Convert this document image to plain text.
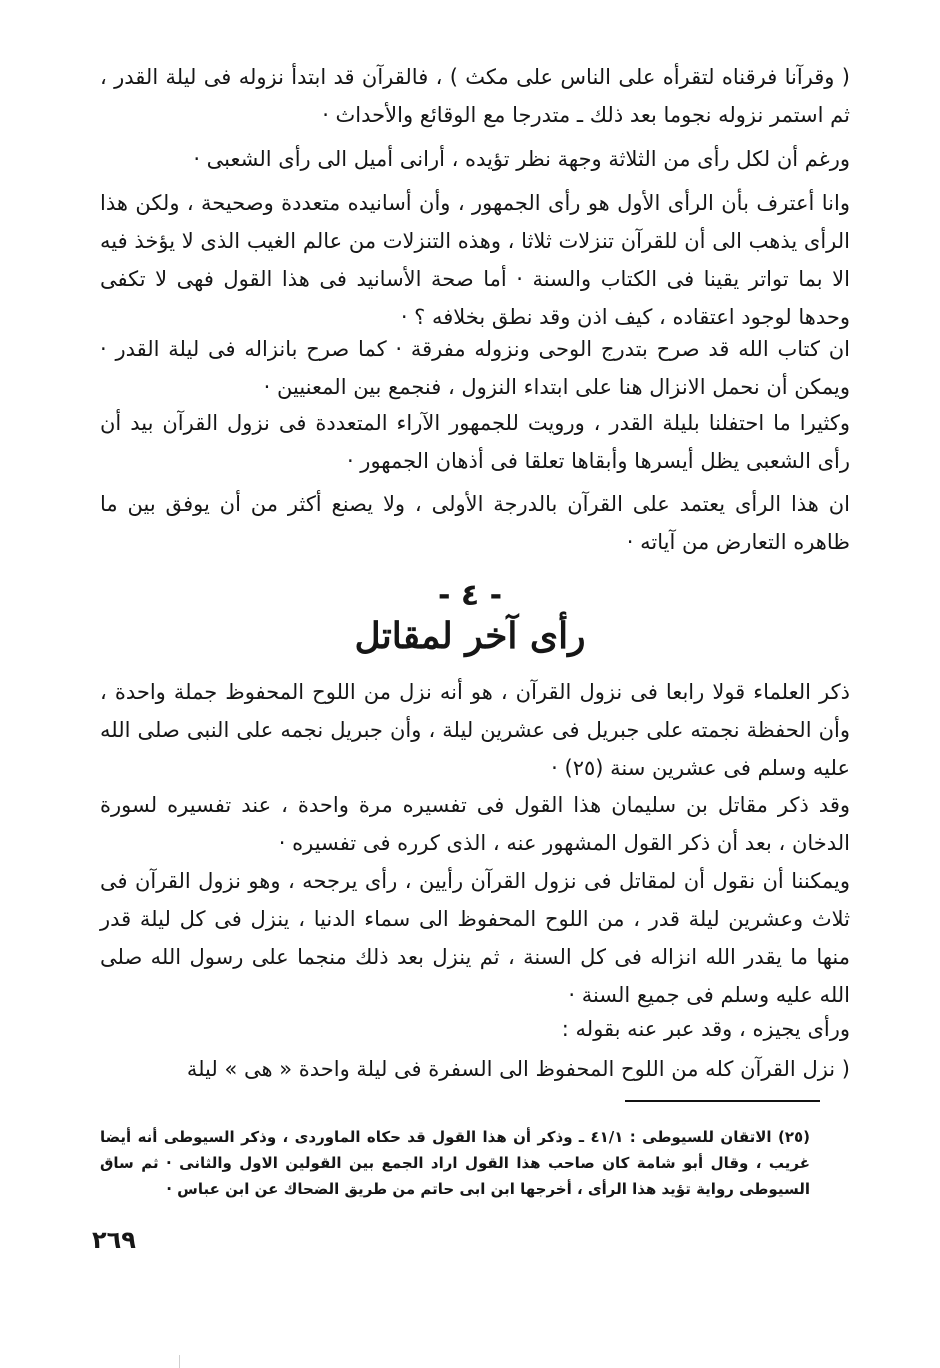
( وقرآنا فرقناه لتقرأه على الناس على مكث ) ، فالقرآن قد ابتدأ نزوله فى ليلة القدر ، ثم استمر نزوله نجوما بعد ذلك ـ متدرجا مع الوقائع والأحداث ·

ورغم أن لكل رأى من الثلاثة وجهة نظر تؤيده ، أرانى أميل الى رأى الشعبى ·

وانا أعترف بأن الرأى الأول هو رأى الجمهور ، وأن أسانيده متعددة وصحيحة ، ولكن هذا الرأى يذهب الى أن للقرآن تنزلات ثلاثا ، وهذه التنزلات من عالم الغيب الذى لا يؤخذ فيه الا بما تواتر يقينا فى الكتاب والسنة · أما صحة الأسانيد فى هذا القول فهى لا تكفى وحدها لوجود اعتقاده ، كيف اذن وقد نطق بخلافه ؟ ·

ان كتاب الله قد صرح بتدرج الوحى ونزوله مفرقة · كما صرح بانزاله فى ليلة القدر · ويمكن أن نحمل الانزال هنا على ابتداء النزول ، فنجمع بين المعنيين ·

وكثيرا ما احتفلنا بليلة القدر ، ورويت للجمهور الآراء المتعددة فى نزول القرآن بيد أن رأى الشعبى يظل أيسرها وأبقاها تعلقا فى أذهان الجمهور ·

ان هذا الرأى يعتمد على القرآن بالدرجة الأولى ، ولا يصنع أكثر من أن يوفق بين ما ظاهره التعارض من آياته ·

- ٤ -
رأى آخر لمقاتل

ذكر العلماء قولا رابعا فى نزول القرآن ، هو أنه نزل من اللوح المحفوظ جملة واحدة ، وأن الحفظة نجمته على جبريل فى عشرين ليلة ، وأن جبريل نجمه على النبى صلى الله عليه وسلم فى عشرين سنة (٢٥) ·

وقد ذكر مقاتل بن سليمان هذا القول فى تفسيره مرة واحدة ، عند تفسيره لسورة الدخان ، بعد أن ذكر القول المشهور عنه ، الذى كرره فى تفسيره ·

ويمكننا أن نقول أن لمقاتل فى نزول القرآن رأيين ، رأى يرجحه ، وهو نزول القرآن فى ثلاث وعشرين ليلة قدر ، من اللوح المحفوظ الى سماء الدنيا ، ينزل فى كل ليلة قدر منها ما يقدر الله انزاله فى كل السنة ، ثم ينزل بعد ذلك منجما على رسول الله صلى الله عليه وسلم فى جميع السنة ·

ورأى يجيزه ، وقد عبر عنه بقوله :

( نزل القرآن كله من اللوح المحفوظ الى السفرة فى ليلة واحدة « هى » ليلة

(٢٥) الاتقان للسيوطى : ٤١/١ ـ وذكر أن هذا القول قد حكاه الماوردى ، وذكر السيوطى أنه أيضا غريب ، وقال أبو شامة كان صاحب هذا القول اراد الجمع بين القولين الاول والثانى · ثم ساق السيوطى رواية تؤيد هذا الرأى ، أخرجها ابن ابى حاتم من طريق الضحاك عن ابن عباس ·

٢٦٩
